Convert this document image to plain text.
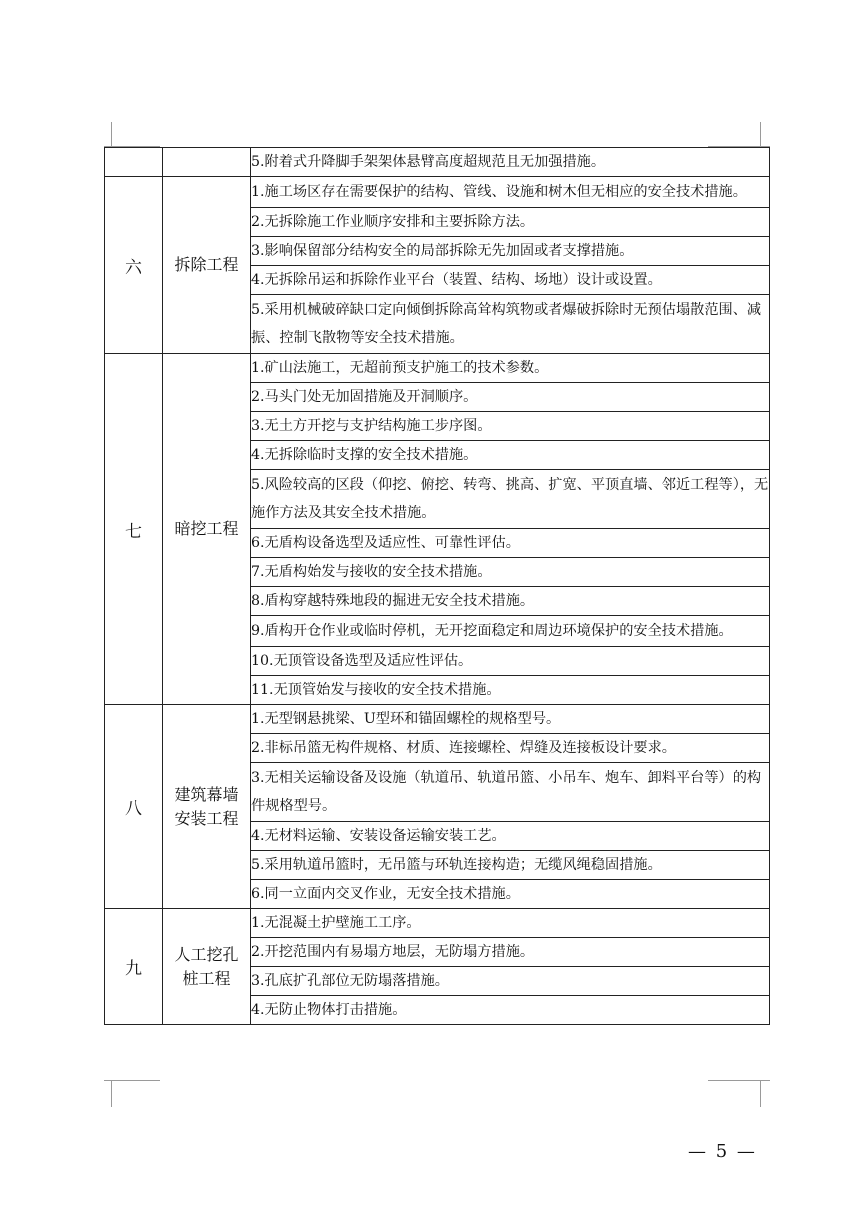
		5.附着式升降脚手架架体悬臂高度超规范且无加强措施。
六	拆除工程	1.施工场区存在需要保护的结构、管线、设施和树木但无相应的安全技术措施。
		2.无拆除施工作业顺序安排和主要拆除方法。
		3.影响保留部分结构安全的局部拆除无先加固或者支撑措施。
		4.无拆除吊运和拆除作业平台（装置、结构、场地）设计或设置。
		5.采用机械破碎缺口定向倾倒拆除高耸构筑物或者爆破拆除时无预估塌散范围、减振、控制飞散物等安全技术措施。
七	暗挖工程	1.矿山法施工，无超前预支护施工的技术参数。
		2.马头门处无加固措施及开洞顺序。
		3.无土方开挖与支护结构施工步序图。
		4.无拆除临时支撑的安全技术措施。
		5.风险较高的区段（仰挖、俯挖、转弯、挑高、扩宽、平顶直墙、邻近工程等），无施作方法及其安全技术措施。
		6.无盾构设备选型及适应性、可靠性评估。
		7.无盾构始发与接收的安全技术措施。
		8.盾构穿越特殊地段的掘进无安全技术措施。
		9.盾构开仓作业或临时停机，无开挖面稳定和周边环境保护的安全技术措施。
		10.无顶管设备选型及适应性评估。
		11.无顶管始发与接收的安全技术措施。
八	建筑幕墙安装工程	1.无型钢悬挑梁、U型环和锚固螺栓的规格型号。
		2.非标吊篮无构件规格、材质、连接螺栓、焊缝及连接板设计要求。
		3.无相关运输设备及设施（轨道吊、轨道吊篮、小吊车、炮车、卸料平台等）的构件规格型号。
		4.无材料运输、安装设备运输安装工艺。
		5.采用轨道吊篮时，无吊篮与环轨连接构造；无缆风绳稳固措施。
		6.同一立面内交叉作业，无安全技术措施。
九	人工挖孔桩工程	1.无混凝土护壁施工工序。
		2.开挖范围内有易塌方地层，无防塌方措施。
		3.孔底扩孔部位无防塌落措施。
		4.无防止物体打击措施。
— 5 —
